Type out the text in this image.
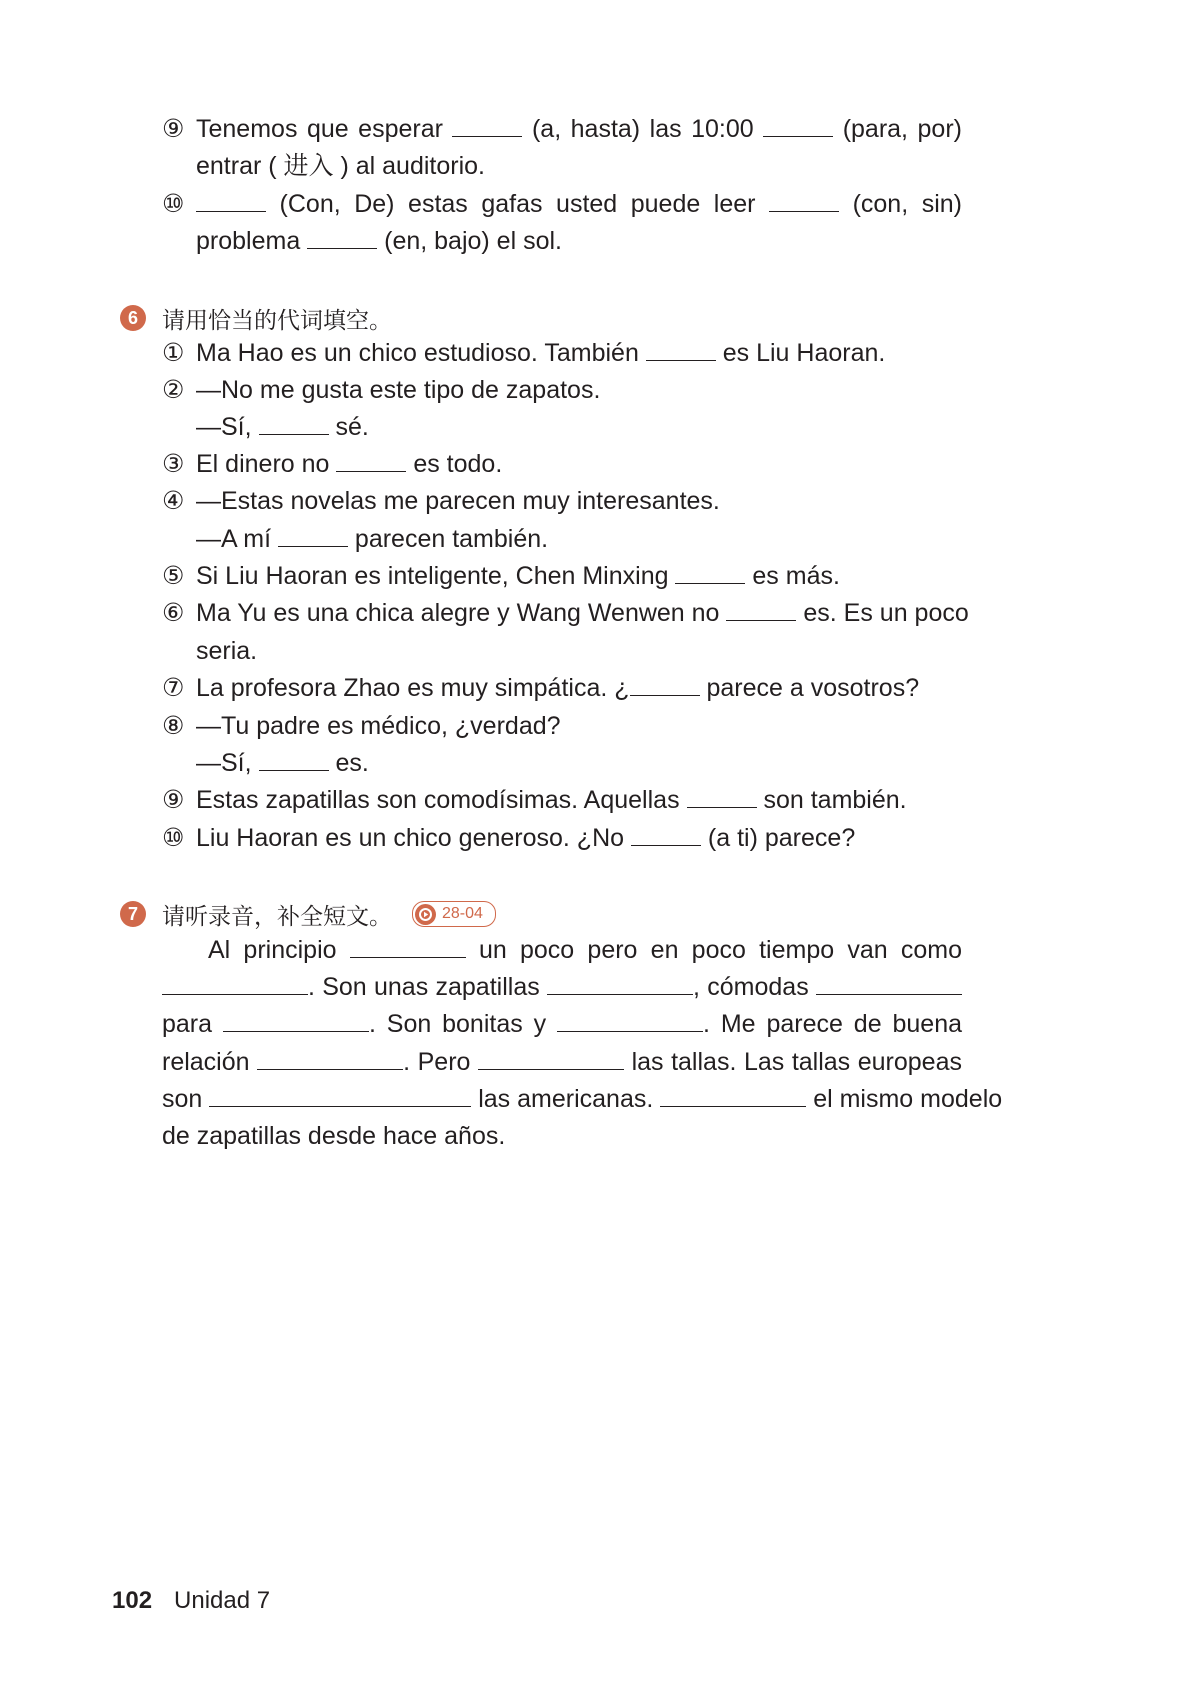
⑨ Tenemos que esperar	(a, hasta) las 10:00	(para, por)
entrar ( 进入 ) al auditorio.
⑩	(Con, De) estas gafas usted puede leer	(con, sin)
problema	(en, bajo) el sol.
6	请用恰当的代词填空。
① Ma Hao es un chico estudioso. También	es Liu Haoran.
② —No me gusta este tipo de zapatos.
—Sí,	sé.
③ El dinero no	es todo.
④ —Estas novelas me parecen muy interesantes.
—A mí	parecen también.
⑤ Si Liu Haoran es inteligente, Chen Minxing	es más.
⑥ Ma Yu es una chica alegre y Wang Wenwen no	es. Es un poco
seria.
⑦ La profesora Zhao es muy simpática. ¿	parece a vosotros?
⑧ —Tu padre es médico, ¿verdad?
—Sí,	es.
⑨ Estas zapatillas son comodísimas. Aquellas	son también.
⑩ Liu Haoran es un chico generoso. ¿No	(a ti) parece?
7	请听录音，补全短文。	28-04
Al principio	un poco pero en poco tiempo van como
. Son unas zapatillas	, cómodas
para	. Son bonitas y	. Me parece de buena
relación	. Pero	las tallas. Las tallas europeas
son	las americanas.	el mismo modelo
de zapatillas desde hace años.
102 Unidad 7
